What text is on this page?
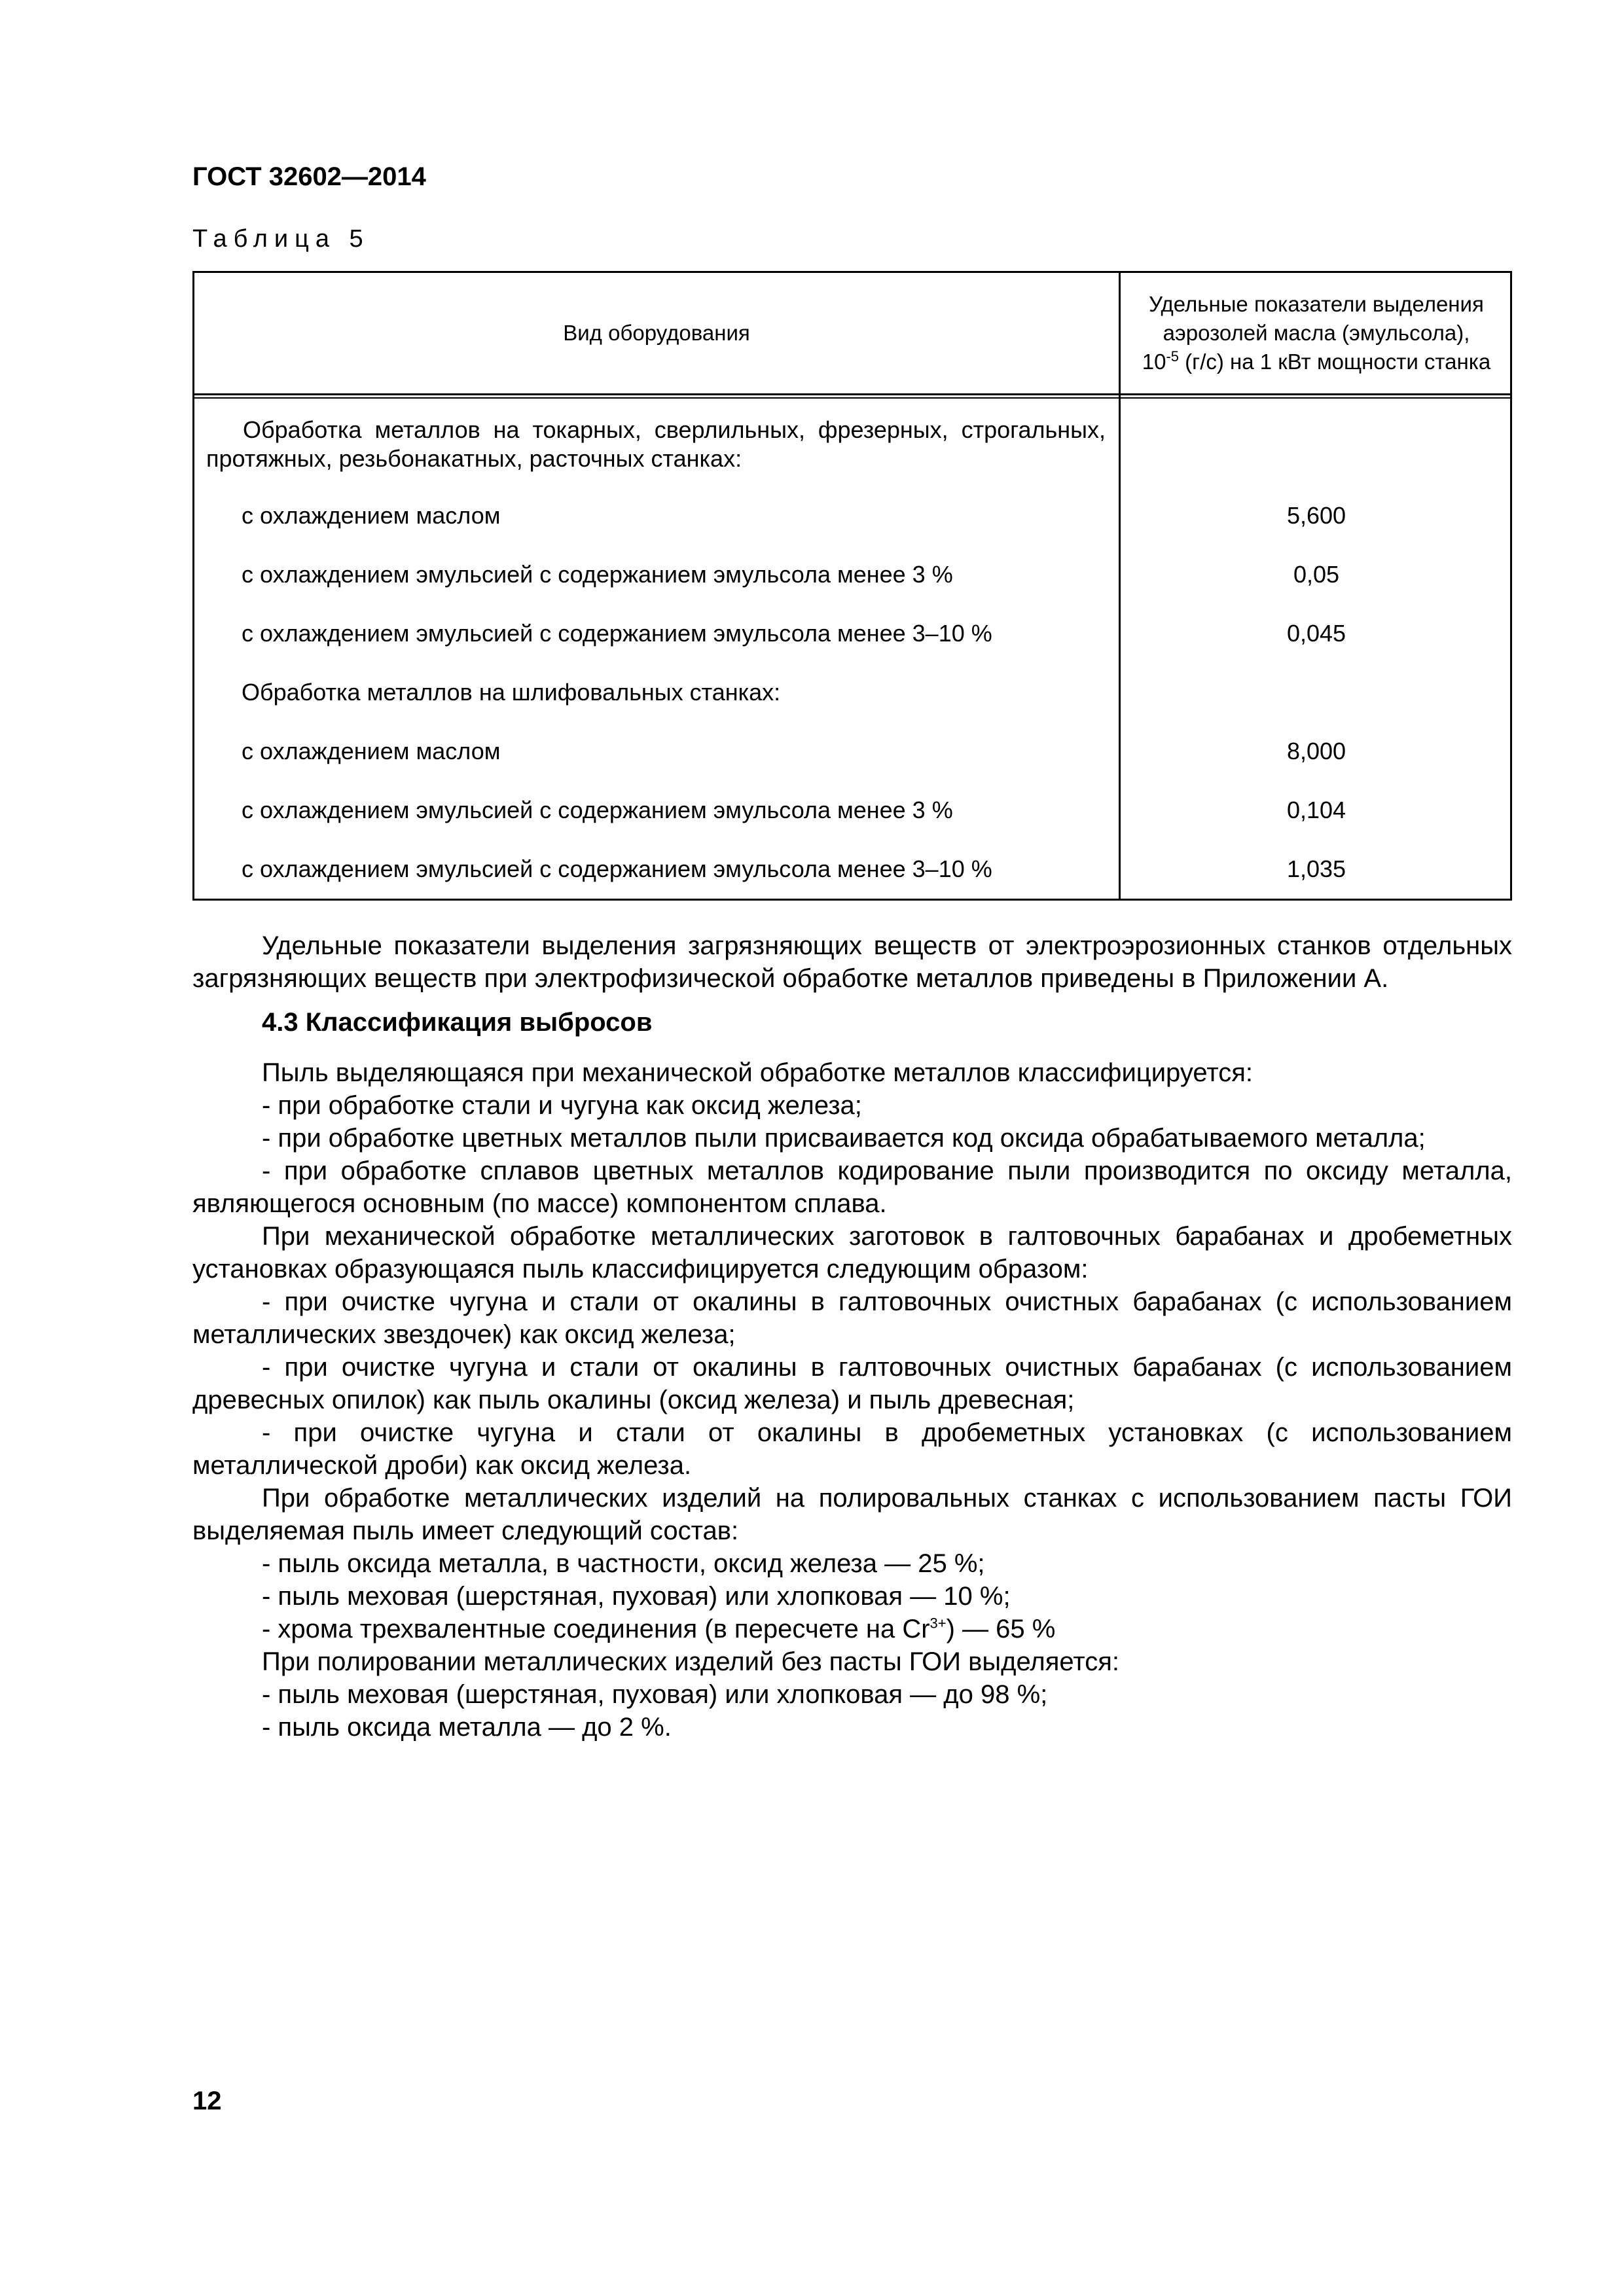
ГОСТ 32602—2014
Таблица 5
Вид оборудования
Удельные показатели выделения
аэрозолей масла (эмульсола),
$10^{-5}$ (г/с) на 1 кВт мощности станка
Обработка металлов на токарных, сверлильных, фрезерных, строгальных, протяжных, резьбонакатных, расточных станках:
с охлаждением маслом	5,600
с охлаждением эмульсией с содержанием эмульсола менее 3 %	0,05
с охлаждением эмульсией с содержанием эмульсола менее 3–10 %	0,045
Обработка металлов на шлифовальных станках:
с охлаждением маслом	8,000
с охлаждением эмульсией с содержанием эмульсола менее 3 %	0,104
с охлаждением эмульсией с содержанием эмульсола менее 3–10 %	1,035

Удельные показатели выделения загрязняющих веществ от электроэрозионных станков отдельных загрязняющих веществ при электрофизической обработке металлов приведены в Приложении А.

4.3 Классификация выбросов
Пыль выделяющаяся при механической обработке металлов классифицируется:
- при обработке стали и чугуна как оксид железа;
- при обработке цветных металлов пыли присваивается код оксида обрабатываемого металла;

- при обработке сплавов цветных металлов кодирование пыли производится по оксиду металла, являющегося основным (по массе) компонентом сплава.

При механической обработке металлических заготовок в галтовочных барабанах и дробеметных установках образующаяся пыль классифицируется следующим образом:

- при очистке чугуна и стали от окалины в галтовочных очистных барабанах (с использованием металлических звездочек) как оксид железа;

- при очистке чугуна и стали от окалины в галтовочных очистных барабанах (с использованием древесных опилок) как пыль окалины (оксид железа) и пыль древесная;

- при очистке чугуна и стали от окалины в дробеметных установках (с использованием металлической дроби) как оксид железа.

При обработке металлических изделий на полировальных станках с использованием пасты ГОИ выделяемая пыль имеет следующий состав:

- пыль оксида металла, в частности, оксид железа — 25 %;
- пыль меховая (шерстяная, пуховая) или хлопковая — 10 %;
- хрома трехвалентные соединения (в пересчете на $Cr^{3+}$) — 65 %
При полировании металлических изделий без пасты ГОИ выделяется:
- пыль меховая (шерстяная, пуховая) или хлопковая — до 98 %;
- пыль оксида металла — до 2 %.
12
